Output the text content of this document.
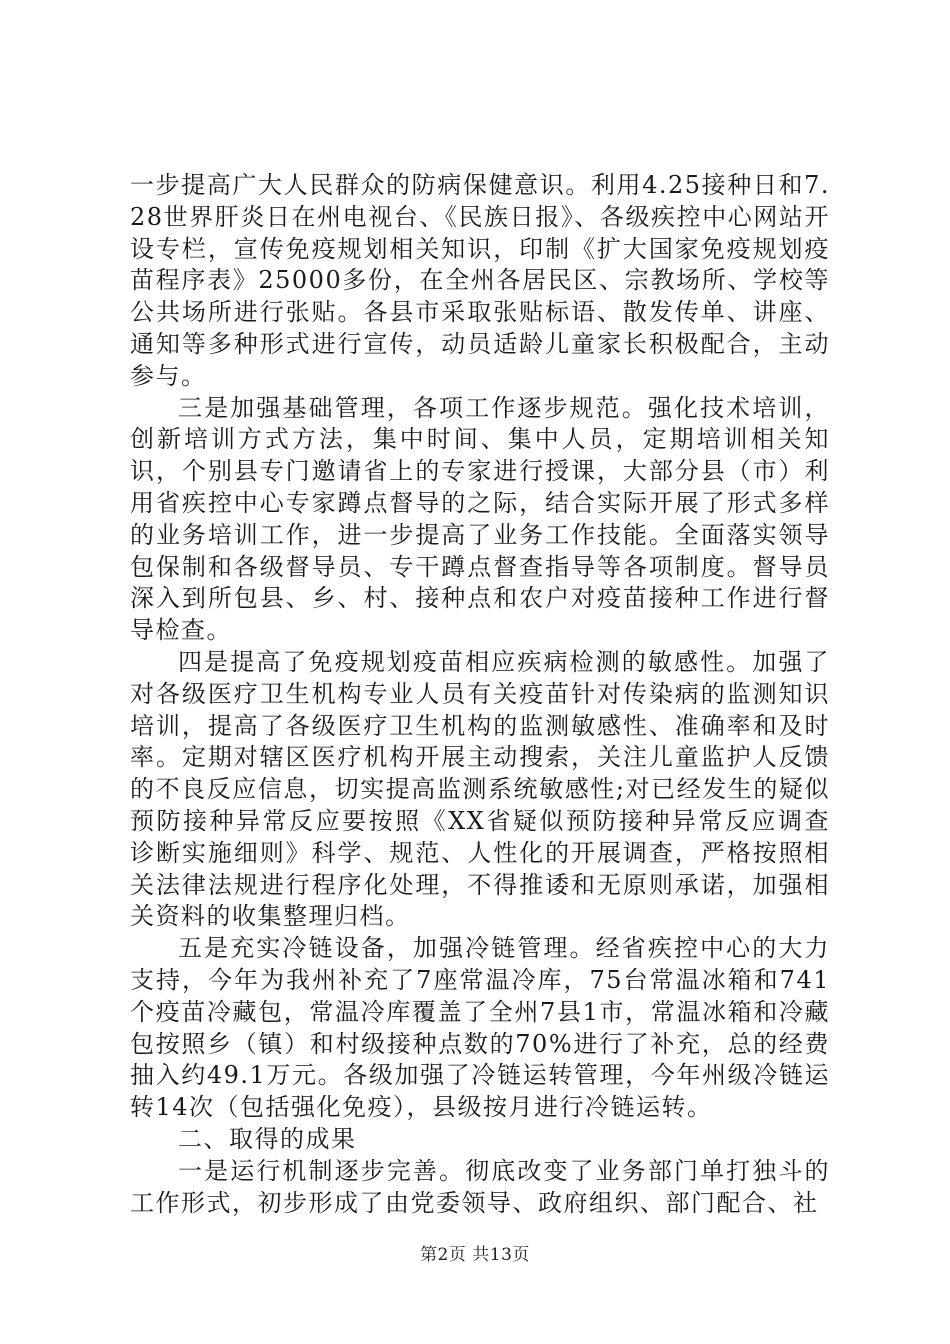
一步提高广大人民群众的防病保健意识。利用4.25接种日和7.28世界肝炎日在州电视台、《民族日报》、各级疾控中心网站开设专栏，宣传免疫规划相关知识，印制《扩大国家免疫规划疫苗程序表》25000多份，在全州各居民区、宗教场所、学校等公共场所进行张贴。各县市采取张贴标语、散发传单、讲座、通知等多种形式进行宣传，动员适龄儿童家长积极配合，主动参与。

三是加强基础管理，各项工作逐步规范。强化技术培训，创新培训方式方法，集中时间、集中人员，定期培训相关知识，个别县专门邀请省上的专家进行授课，大部分县（市）利用省疾控中心专家蹲点督导的之际，结合实际开展了形式多样的业务培训工作，进一步提高了业务工作技能。全面落实领导包保制和各级督导员、专干蹲点督查指导等各项制度。督导员深入到所包县、乡、村、接种点和农户对疫苗接种工作进行督导检查。

四是提高了免疫规划疫苗相应疾病检测的敏感性。加强了对各级医疗卫生机构专业人员有关疫苗针对传染病的监测知识培训，提高了各级医疗卫生机构的监测敏感性、准确率和及时率。定期对辖区医疗机构开展主动搜索，关注儿童监护人反馈的不良反应信息，切实提高监测系统敏感性;对已经发生的疑似预防接种异常反应要按照《XX省疑似预防接种异常反应调查诊断实施细则》科学、规范、人性化的开展调查，严格按照相关法律法规进行程序化处理，不得推诿和无原则承诺，加强相关资料的收集整理归档。

五是充实冷链设备，加强冷链管理。经省疾控中心的大力支持，今年为我州补充了7座常温冷库，75台常温冰箱和741个疫苗冷藏包，常温冷库覆盖了全州7县1市，常温冰箱和冷藏包按照乡（镇）和村级接种点数的70%进行了补充，总的经费抽入约49.1万元。各级加强了冷链运转管理，今年州级冷链运转14次（包括强化免疫），县级按月进行冷链运转。

二、取得的成果

一是运行机制逐步完善。彻底改变了业务部门单打独斗的工作形式，初步形成了由党委领导、政府组织、部门配合、社

第2页 共13页
